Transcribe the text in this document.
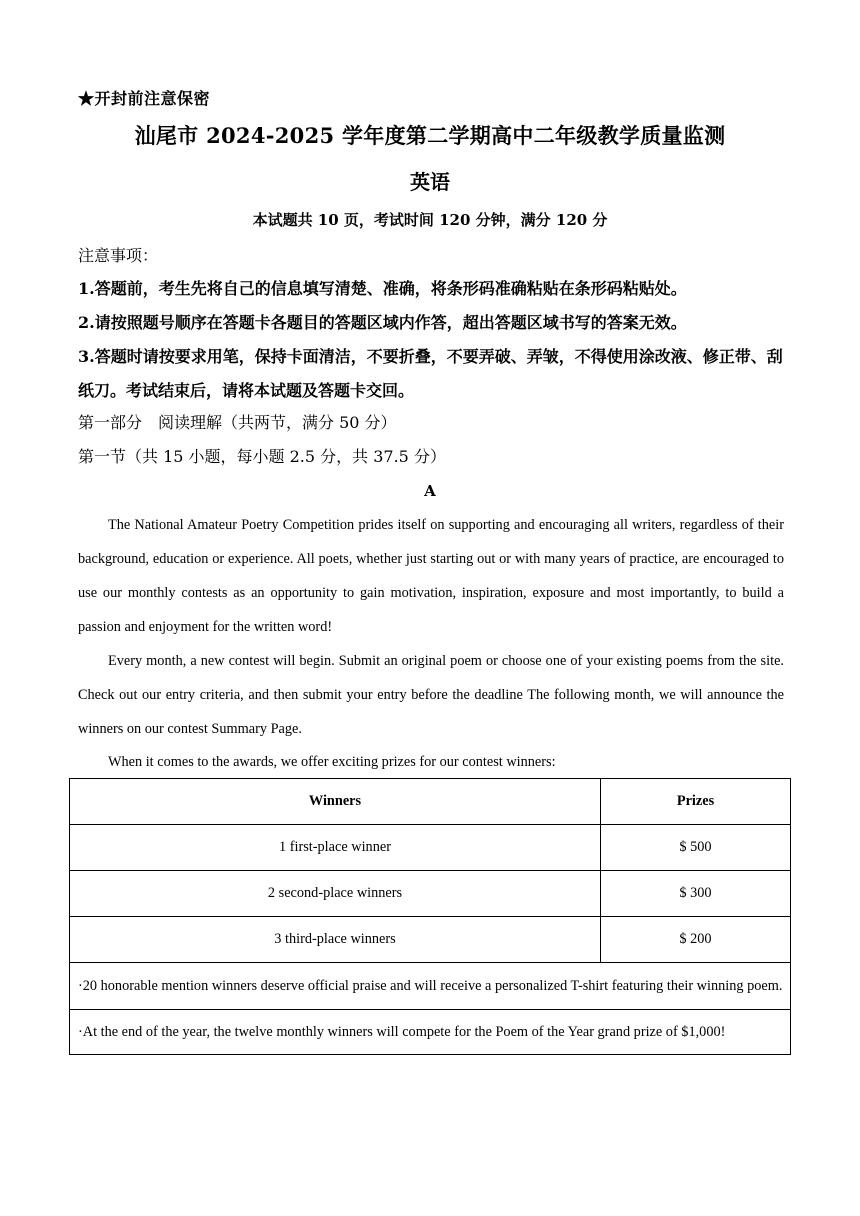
★开封前注意保密
汕尾市 2024-2025 学年度第二学期高中二年级教学质量监测
英语
本试题共 10 页，考试时间 120 分钟，满分 120 分
注意事项：
1.答题前，考生先将自己的信息填写清楚、准确，将条形码准确粘贴在条形码粘贴处。
2.请按照题号顺序在答题卡各题目的答题区域内作答，超出答题区域书写的答案无效。
3.答题时请按要求用笔，保持卡面清洁，不要折叠，不要弄破、弄皱，不得使用涂改液、修正带、刮纸刀。考试结束后，请将本试题及答题卡交回。
第一部分　阅读理解（共两节，满分 50 分）
第一节（共 15 小题，每小题 2.5 分，共 37.5 分）
A
The National Amateur Poetry Competition prides itself on supporting and encouraging all writers, regardless of their background, education or experience. All poets, whether just starting out or with many years of practice, are encouraged to use our monthly contests as an opportunity to gain motivation, inspiration, exposure and most importantly, to build a passion and enjoyment for the written word!
Every month, a new contest will begin. Submit an original poem or choose one of your existing poems from the site. Check out our entry criteria, and then submit your entry before the deadline The following month, we will announce the winners on our contest Summary Page.
When it comes to the awards, we offer exciting prizes for our contest winners:
Winners	Prizes
1 first-place winner	$ 500
2 second-place winners	$ 300
3 third-place winners	$ 200
·20 honorable mention winners deserve official praise and will receive a personalized T-shirt featuring their winning poem.	
·At the end of the year, the twelve monthly winners will compete for the Poem of the Year grand prize of $1,000!	
